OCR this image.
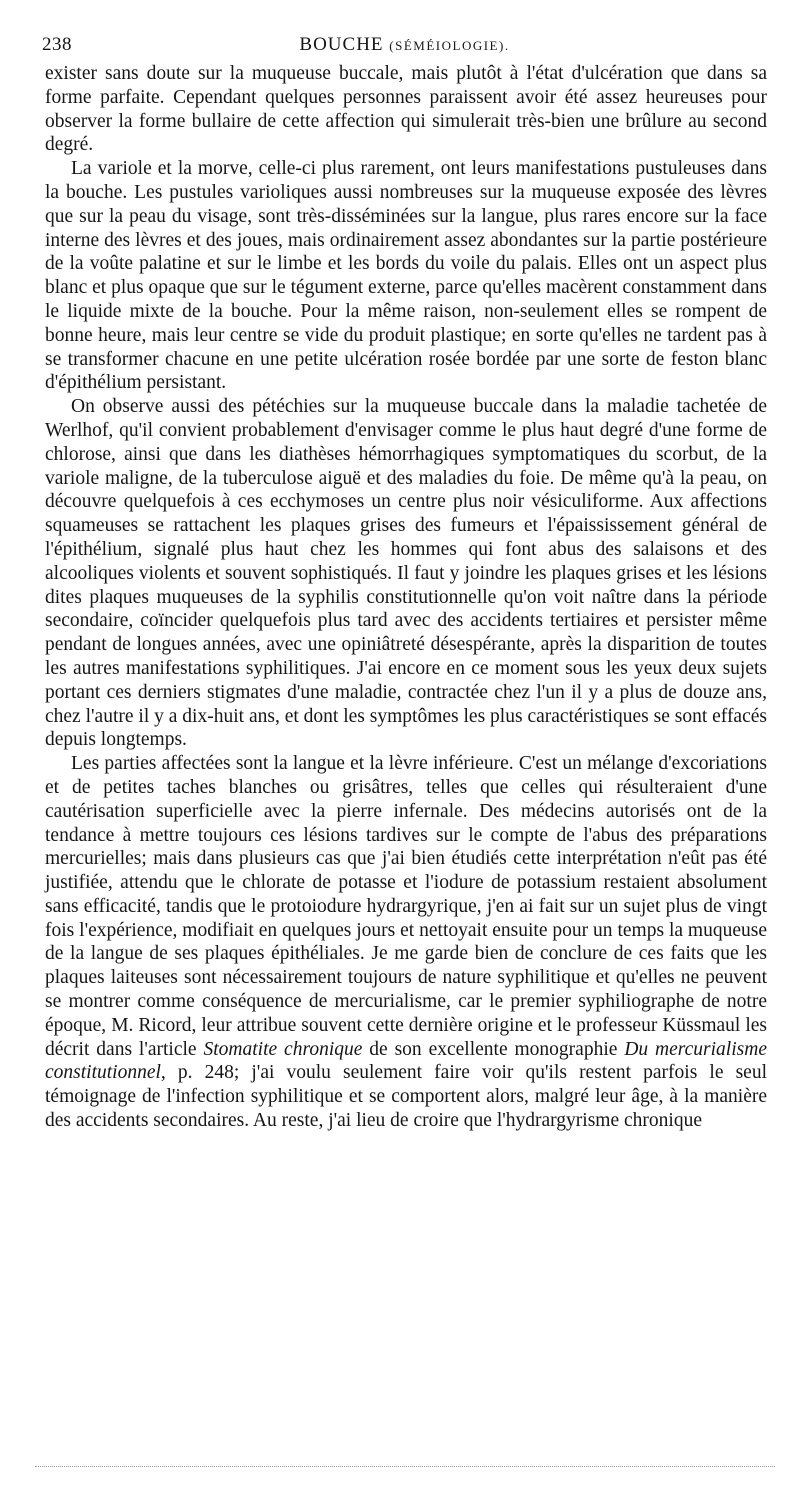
238	BOUCHE (SÉMÉIOLOGIE).

exister sans doute sur la muqueuse buccale, mais plutôt à l'état d'ulcération que dans sa forme parfaite. Cependant quelques personnes paraissent avoir été assez heureuses pour observer la forme bullaire de cette affection qui simulerait très-bien une brûlure au second degré.

La variole et la morve, celle-ci plus rarement, ont leurs manifestations pustuleuses dans la bouche. Les pustules varioliques aussi nombreuses sur la muqueuse exposée des lèvres que sur la peau du visage, sont très-disséminées sur la langue, plus rares encore sur la face interne des lèvres et des joues, mais ordinairement assez abondantes sur la partie postérieure de la voûte palatine et sur le limbe et les bords du voile du palais. Elles ont un aspect plus blanc et plus opaque que sur le tégument externe, parce qu'elles macèrent constamment dans le liquide mixte de la bouche. Pour la même raison, non-seulement elles se rompent de bonne heure, mais leur centre se vide du produit plastique; en sorte qu'elles ne tardent pas à se transformer chacune en une petite ulcération rosée bordée par une sorte de feston blanc d'épithélium persistant.

On observe aussi des pétéchies sur la muqueuse buccale dans la maladie tachetée de Werlhof, qu'il convient probablement d'envisager comme le plus haut degré d'une forme de chlorose, ainsi que dans les diathèses hémorrhagiques symptomatiques du scorbut, de la variole maligne, de la tuberculose aiguë et des maladies du foie. De même qu'à la peau, on découvre quelquefois à ces ecchymoses un centre plus noir vésiculiforme. Aux affections squameuses se rattachent les plaques grises des fumeurs et l'épaississement général de l'épithélium, signalé plus haut chez les hommes qui font abus des salaisons et des alcooliques violents et souvent sophistiqués. Il faut y joindre les plaques grises et les lésions dites plaques muqueuses de la syphilis constitutionnelle qu'on voit naître dans la période secondaire, coïncider quelquefois plus tard avec des accidents tertiaires et persister même pendant de longues années, avec une opiniâtreté désespérante, après la disparition de toutes les autres manifestations syphilitiques. J'ai encore en ce moment sous les yeux deux sujets portant ces derniers stigmates d'une maladie, contractée chez l'un il y a plus de douze ans, chez l'autre il y a dix-huit ans, et dont les symptômes les plus caractéristiques se sont effacés depuis longtemps.

Les parties affectées sont la langue et la lèvre inférieure. C'est un mélange d'excoriations et de petites taches blanches ou grisâtres, telles que celles qui résulteraient d'une cautérisation superficielle avec la pierre infernale. Des médecins autorisés ont de la tendance à mettre toujours ces lésions tardives sur le compte de l'abus des préparations mercurielles; mais dans plusieurs cas que j'ai bien étudiés cette interprétation n'eût pas été justifiée, attendu que le chlorate de potasse et l'iodure de potassium restaient absolument sans efficacité, tandis que le protoiodure hydrargyrique, j'en ai fait sur un sujet plus de vingt fois l'expérience, modifiait en quelques jours et nettoyait ensuite pour un temps la muqueuse de la langue de ses plaques épithéliales. Je me garde bien de conclure de ces faits que les plaques laiteuses sont nécessairement toujours de nature syphilitique et qu'elles ne peuvent se montrer comme conséquence de mercurialisme, car le premier syphiliographe de notre époque, M. Ricord, leur attribue souvent cette dernière origine et le professeur Küssmaul les décrit dans l'article Stomatite chronique de son excellente monographie Du mercurialisme constitutionnel, p. 248; j'ai voulu seulement faire voir qu'ils restent parfois le seul témoignage de l'infection syphilitique et se comportent alors, malgré leur âge, à la manière des accidents secondaires. Au reste, j'ai lieu de croire que l'hydrargyrisme chronique
